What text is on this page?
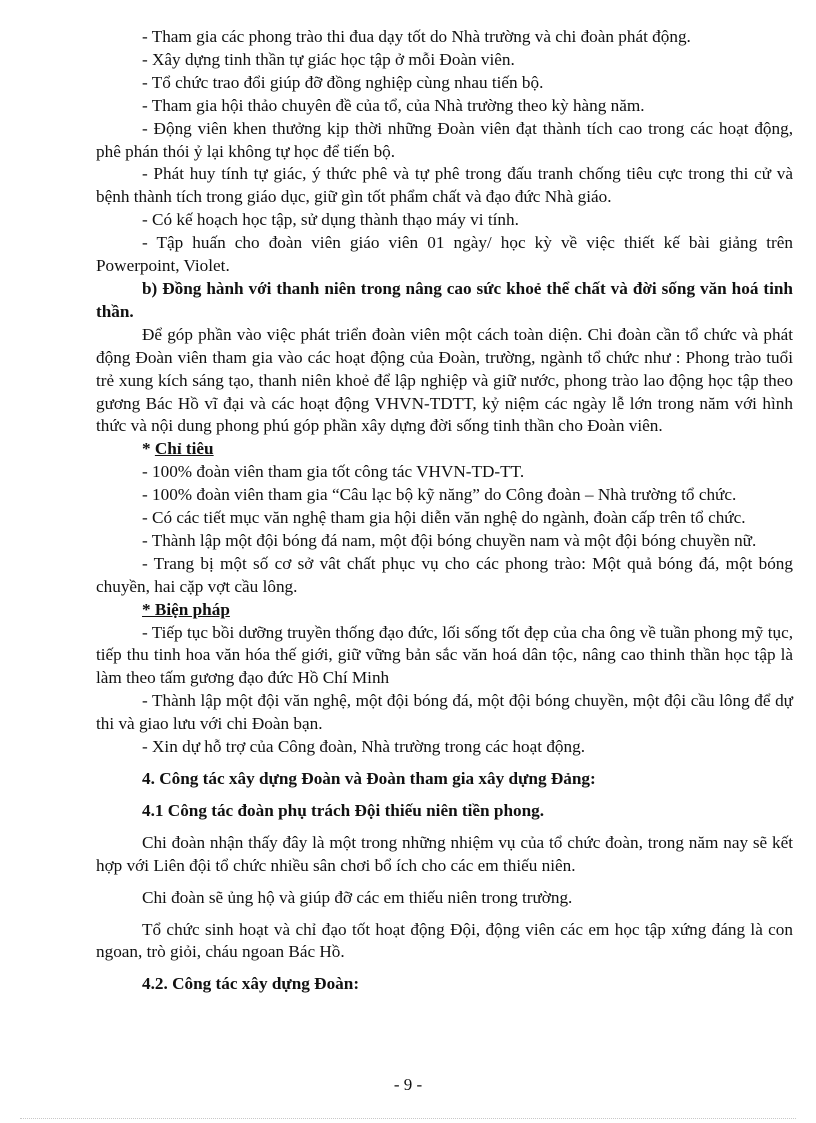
- Tham gia các phong trào thi đua dạy tốt do Nhà trường và chi đoàn phát động.

- Xây dựng tinh thần tự giác học tập ở mỗi Đoàn viên.

- Tổ chức trao đổi giúp đỡ đồng nghiệp cùng nhau tiến bộ.

- Tham gia hội thảo chuyên đề của tổ, của Nhà trường theo kỳ hàng năm.

- Động viên khen thưởng kịp thời những Đoàn viên đạt thành tích cao trong các hoạt động, phê phán thói ỷ lại không tự học để tiến bộ.

- Phát huy tính tự giác, ý thức phê và tự phê trong đấu tranh chống tiêu cực trong thi cử và bệnh thành tích trong giáo dục, giữ gìn tốt phẩm chất và đạo đức Nhà giáo.

- Có kế hoạch học tập, sử dụng thành thạo máy vi tính.

- Tập huấn cho đoàn viên giáo viên 01 ngày/ học kỳ về việc thiết kế bài giảng trên Powerpoint, Violet.

b) Đồng hành với thanh niên trong nâng cao sức khoẻ thể chất và đời sống văn hoá tinh thần.

Để góp phần vào việc phát triển đoàn viên một cách toàn diện. Chi đoàn cần tổ chức và phát động Đoàn viên tham gia vào các hoạt động của Đoàn, trường, ngành tổ chức như : Phong trào tuổi trẻ xung kích sáng tạo, thanh niên khoẻ để lập nghiệp và giữ nước, phong trào lao động học tập theo gương Bác Hồ vĩ đại và các hoạt động VHVN-TDTT, kỷ niệm các ngày lễ lớn trong năm với hình thức và nội dung phong phú góp phần xây dựng đời sống tinh thần cho Đoàn viên.

* Chỉ tiêu

- 100% đoàn viên tham gia tốt công tác VHVN-TD-TT.

- 100% đoàn viên tham gia “Câu lạc bộ kỹ năng” do Công đoàn – Nhà trường tổ chức.

- Có các tiết mục văn nghệ tham gia hội diễn văn nghệ do ngành, đoàn cấp trên tổ chức.

- Thành lập một đội bóng đá nam, một đội bóng chuyền nam và một đội bóng chuyền nữ.

- Trang bị một số cơ sở vât chất phục vụ cho các phong trào: Một quả bóng đá, một bóng chuyền, hai cặp vợt cầu lông.

* Biện pháp

- Tiếp tục bồi dưỡng truyền thống đạo đức, lối sống tốt đẹp của cha ông về tuần phong mỹ tục, tiếp thu tinh hoa văn hóa thế giới, giữ vững bản sắc văn hoá dân tộc, nâng cao thinh thần học tập là làm theo tấm gương đạo đức Hồ Chí Minh

- Thành lập một đội văn nghệ, một đội bóng đá, một đội bóng chuyền, một đội cầu lông để dự thi và giao lưu với chi Đoàn bạn.

- Xin dự hỗ trợ của Công đoàn, Nhà trường trong các hoạt động.

4. Công tác xây dựng Đoàn và Đoàn tham gia xây dựng Đảng:

4.1 Công tác đoàn phụ trách Đội thiếu niên tiền phong.

Chi đoàn nhận thấy đây là một trong những nhiệm vụ của tổ chức đoàn, trong năm nay sẽ kết hợp với Liên đội tổ chức nhiều sân chơi bổ ích cho các em thiếu niên.

Chi đoàn sẽ ủng hộ và giúp đỡ các em thiếu niên trong trường.

Tổ chức sinh hoạt và chỉ đạo tốt hoạt động Đội, động viên các em học tập xứng đáng là con ngoan, trò giỏi, cháu ngoan Bác Hồ.

4.2. Công tác xây dựng Đoàn:

- 9 -
